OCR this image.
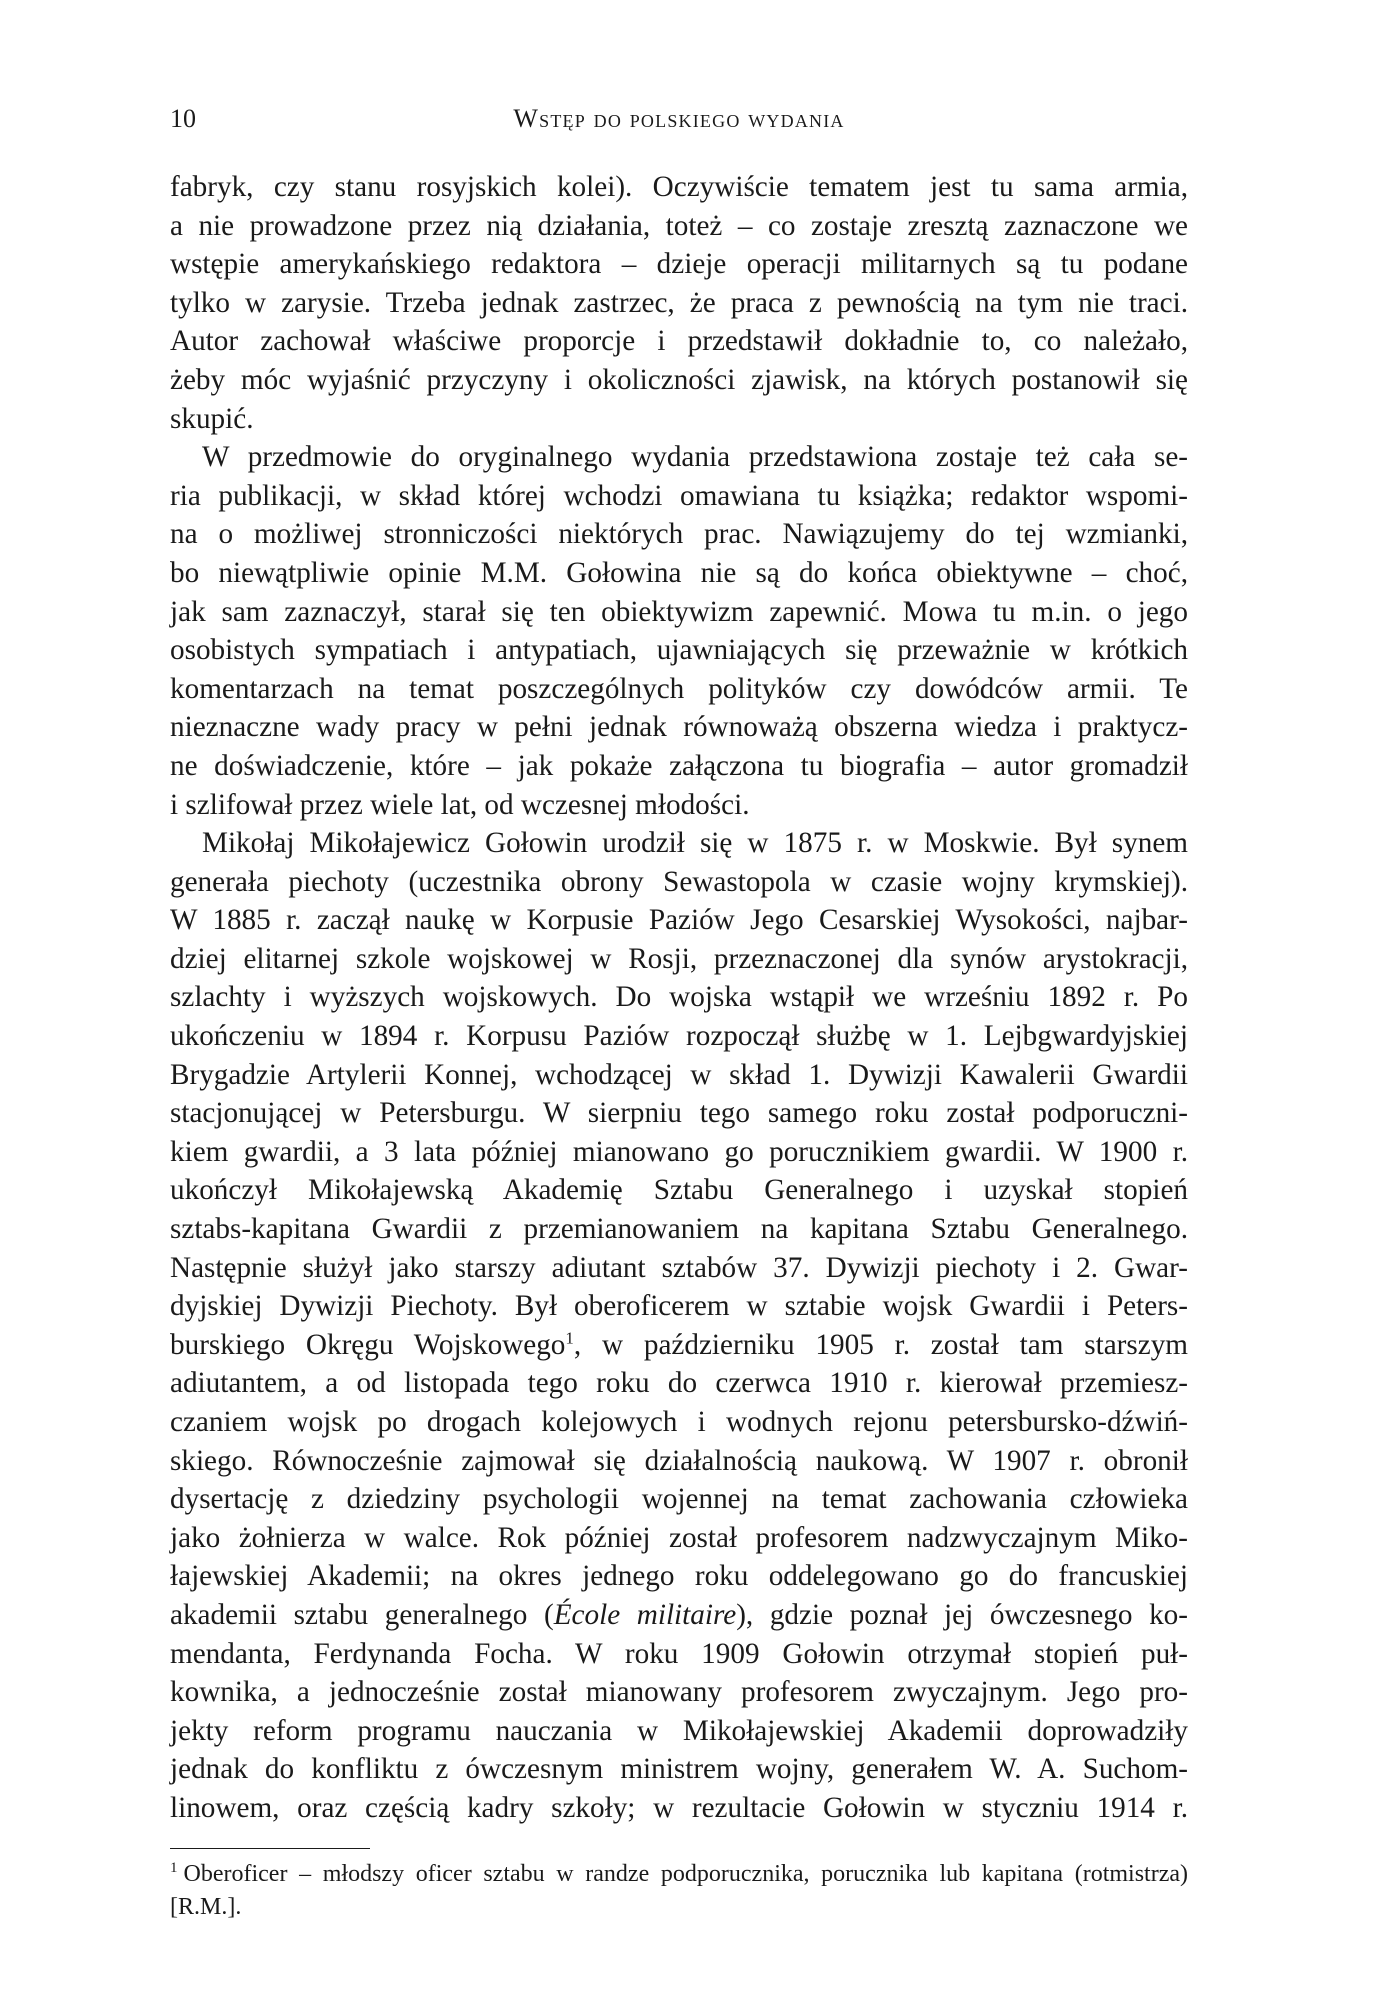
10	Wstęp do polskiego wydania

fabryk, czy stanu rosyjskich kolei). Oczywiście tematem jest tu sama armia,

a nie prowadzone przez nią działania, toteż – co zostaje zresztą zaznaczone we

wstępie amerykańskiego redaktora – dzieje operacji militarnych są tu podane

tylko w zarysie. Trzeba jednak zastrzec, że praca z pewnością na tym nie traci.

Autor zachował właściwe proporcje i przedstawił dokładnie to, co należało,

żeby móc wyjaśnić przyczyny i okoliczności zjawisk, na których postanowił się

skupić.

W przedmowie do oryginalnego wydania przedstawiona zostaje też cała se-

ria publikacji, w skład której wchodzi omawiana tu książka; redaktor wspomi-

na o możliwej stronniczości niektórych prac. Nawiązujemy do tej wzmianki,

bo niewątpliwie opinie M.M. Gołowina nie są do końca obiektywne – choć,

jak sam zaznaczył, starał się ten obiektywizm zapewnić. Mowa tu m.in. o jego

osobistych sympatiach i antypatiach, ujawniających się przeważnie w krótkich

komentarzach na temat poszczególnych polityków czy dowódców armii. Te

nieznaczne wady pracy w pełni jednak równoważą obszerna wiedza i praktycz-

ne doświadczenie, które – jak pokaże załączona tu biografia – autor gromadził

i szlifował przez wiele lat, od wczesnej młodości.

Mikołaj Mikołajewicz Gołowin urodził się w 1875 r. w Moskwie. Był synem

generała piechoty (uczestnika obrony Sewastopola w czasie wojny krymskiej).

W 1885 r. zaczął naukę w Korpusie Paziów Jego Cesarskiej Wysokości, najbar-

dziej elitarnej szkole wojskowej w Rosji, przeznaczonej dla synów arystokracji,

szlachty i wyższych wojskowych. Do wojska wstąpił we wrześniu 1892 r. Po

ukończeniu w 1894 r. Korpusu Paziów rozpoczął służbę w 1. Lejbgwardyjskiej

Brygadzie Artylerii Konnej, wchodzącej w skład 1. Dywizji Kawalerii Gwardii

stacjonującej w Petersburgu. W sierpniu tego samego roku został podporuczni-

kiem gwardii, a 3 lata później mianowano go porucznikiem gwardii. W 1900 r.

ukończył Mikołajewską Akademię Sztabu Generalnego i uzyskał stopień

sztabs-kapitana Gwardii z przemianowaniem na kapitana Sztabu Generalnego.

Następnie służył jako starszy adiutant sztabów 37. Dywizji piechoty i 2. Gwar-

dyjskiej Dywizji Piechoty. Był oberoficerem w sztabie wojsk Gwardii i Peters-

burskiego Okręgu Wojskowego$^1$, w październiku 1905 r. został tam starszym

adiutantem, a od listopada tego roku do czerwca 1910 r. kierował przemiesz-

czaniem wojsk po drogach kolejowych i wodnych rejonu petersbursko-dźwiń-

skiego. Równocześnie zajmował się działalnością naukową. W 1907 r. obronił

dysertację z dziedziny psychologii wojennej na temat zachowania człowieka

jako żołnierza w walce. Rok później został profesorem nadzwyczajnym Miko-

łajewskiej Akademii; na okres jednego roku oddelegowano go do francuskiej

akademii sztabu generalnego (École militaire), gdzie poznał jej ówczesnego ko-

mendanta, Ferdynanda Focha. W roku 1909 Gołowin otrzymał stopień puł-

kownika, a jednocześnie został mianowany profesorem zwyczajnym. Jego pro-

jekty reform programu nauczania w Mikołajewskiej Akademii doprowadziły

jednak do konfliktu z ówczesnym ministrem wojny, generałem W. A. Suchom-

linowem, oraz częścią kadry szkoły; w rezultacie Gołowin w styczniu 1914 r.

$^1$ Oberoficer – młodszy oficer sztabu w randze podporucznika, porucznika lub kapitana (rotmistrza) [R.M.].
